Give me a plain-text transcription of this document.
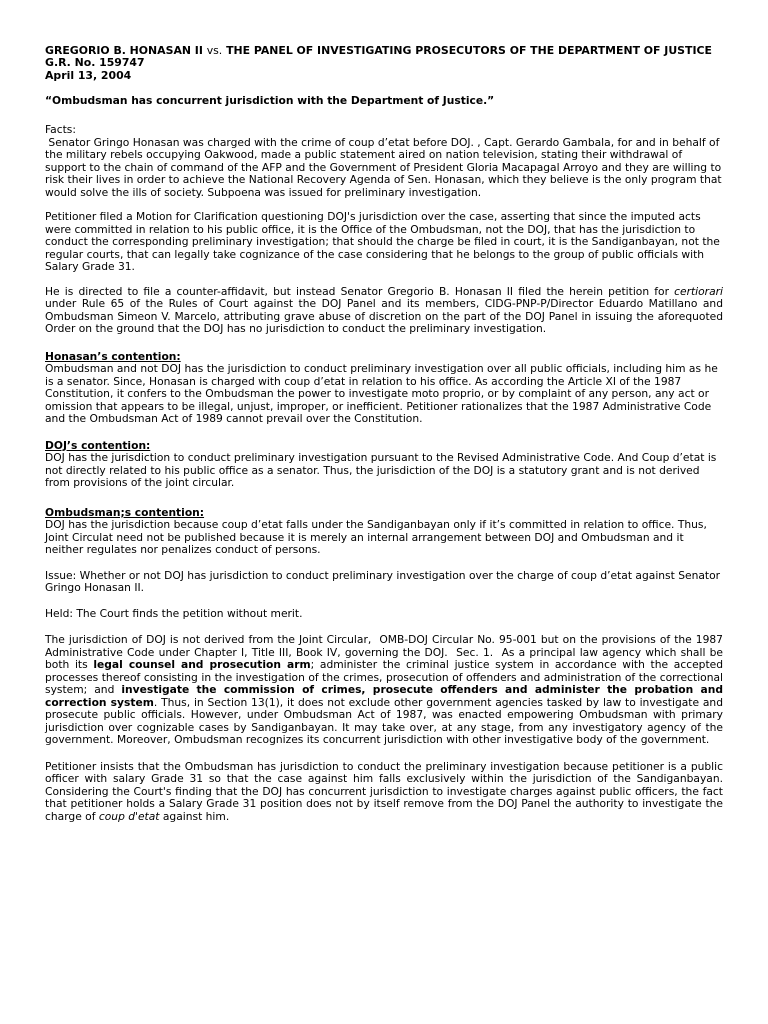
GREGORIO B. HONASAN II vs. THE PANEL OF INVESTIGATING PROSECUTORS OF THE DEPARTMENT OF JUSTICE
G.R. No. 159747
April 13, 2004
“Ombudsman has concurrent jurisdiction with the Department of Justice.”
Facts:

Senator Gringo Honasan was charged with the crime of coup d’etat before DOJ. , Capt. Gerardo Gambala, for and in behalf of the military rebels occupying Oakwood, made a public statement aired on nation television, stating their withdrawal of support to the chain of command of the AFP and the Government of President Gloria Macapagal Arroyo and they are willing to risk their lives in order to achieve the National Recovery Agenda of Sen. Honasan, which they believe is the only program that would solve the ills of society. Subpoena was issued for preliminary investigation.

Petitioner filed a Motion for Clarification questioning DOJ's jurisdiction over the case, asserting that since the imputed acts were committed in relation to his public office, it is the Office of the Ombudsman, not the DOJ, that has the jurisdiction to conduct the corresponding preliminary investigation; that should the charge be filed in court, it is the Sandiganbayan, not the regular courts, that can legally take cognizance of the case considering that he belongs to the group of public officials with Salary Grade 31.

He is directed to file a counter-affidavit, but instead Senator Gregorio B. Honasan II filed the herein petition for certiorari under Rule 65 of the Rules of Court against the DOJ Panel and its members, CIDG-PNP-P/Director Eduardo Matillano and Ombudsman Simeon V. Marcelo, attributing grave abuse of discretion on the part of the DOJ Panel in issuing the aforequoted Order on the ground that the DOJ has no jurisdiction to conduct the preliminary investigation.

Honasan’s contention:

Ombudsman and not DOJ has the jurisdiction to conduct preliminary investigation over all public officials, including him as he is a senator. Since, Honasan is charged with coup d’etat in relation to his office. As according the Article XI of the 1987 Constitution, it confers to the Ombudsman the power to investigate moto proprio, or by complaint of any person, any act or omission that appears to be illegal, unjust, improper, or inefficient. Petitioner rationalizes that the 1987 Administrative Code and the Ombudsman Act of 1989 cannot prevail over the Constitution.

DOJ’s contention:

DOJ has the jurisdiction to conduct preliminary investigation pursuant to the Revised Administrative Code. And Coup d’etat is not directly related to his public office as a senator. Thus, the jurisdiction of the DOJ is a statutory grant and is not derived from provisions of the joint circular.

Ombudsman;s contention:

DOJ has the jurisdiction because coup d’etat falls under the Sandiganbayan only if it’s committed in relation to office. Thus, Joint Circulat need not be published because it is merely an internal arrangement between DOJ and Ombudsman and it neither regulates nor penalizes conduct of persons.

Issue: Whether or not DOJ has jurisdiction to conduct preliminary investigation over the charge of coup d’etat against Senator Gringo Honasan II.

Held: The Court finds the petition without merit.

The jurisdiction of DOJ is not derived from the Joint Circular,  OMB-DOJ Circular No. 95-001 but on the provisions of the 1987 Administrative Code under Chapter I, Title III, Book IV, governing the DOJ.  Sec. 1.  As a principal law agency which shall be both its legal counsel and prosecution arm; administer the criminal justice system in accordance with the accepted processes thereof consisting in the investigation of the crimes, prosecution of offenders and administration of the correctional system; and investigate the commission of crimes, prosecute offenders and administer the probation and correction system. Thus, in Section 13(1), it does not exclude other government agencies tasked by law to investigate and prosecute public officials. However, under Ombudsman Act of 1987, was enacted empowering Ombudsman with primary jurisdiction over cognizable cases by Sandiganbayan. It may take over, at any stage, from any investigatory agency of the government. Moreover, Ombudsman recognizes its concurrent jurisdiction with other investigative body of the government.

Petitioner insists that the Ombudsman has jurisdiction to conduct the preliminary investigation because petitioner is a public officer with salary Grade 31 so that the case against him falls exclusively within the jurisdiction of the Sandiganbayan. Considering the Court's finding that the DOJ has concurrent jurisdiction to investigate charges against public officers, the fact that petitioner holds a Salary Grade 31 position does not by itself remove from the DOJ Panel the authority to investigate the charge of coup d'etat against him.
